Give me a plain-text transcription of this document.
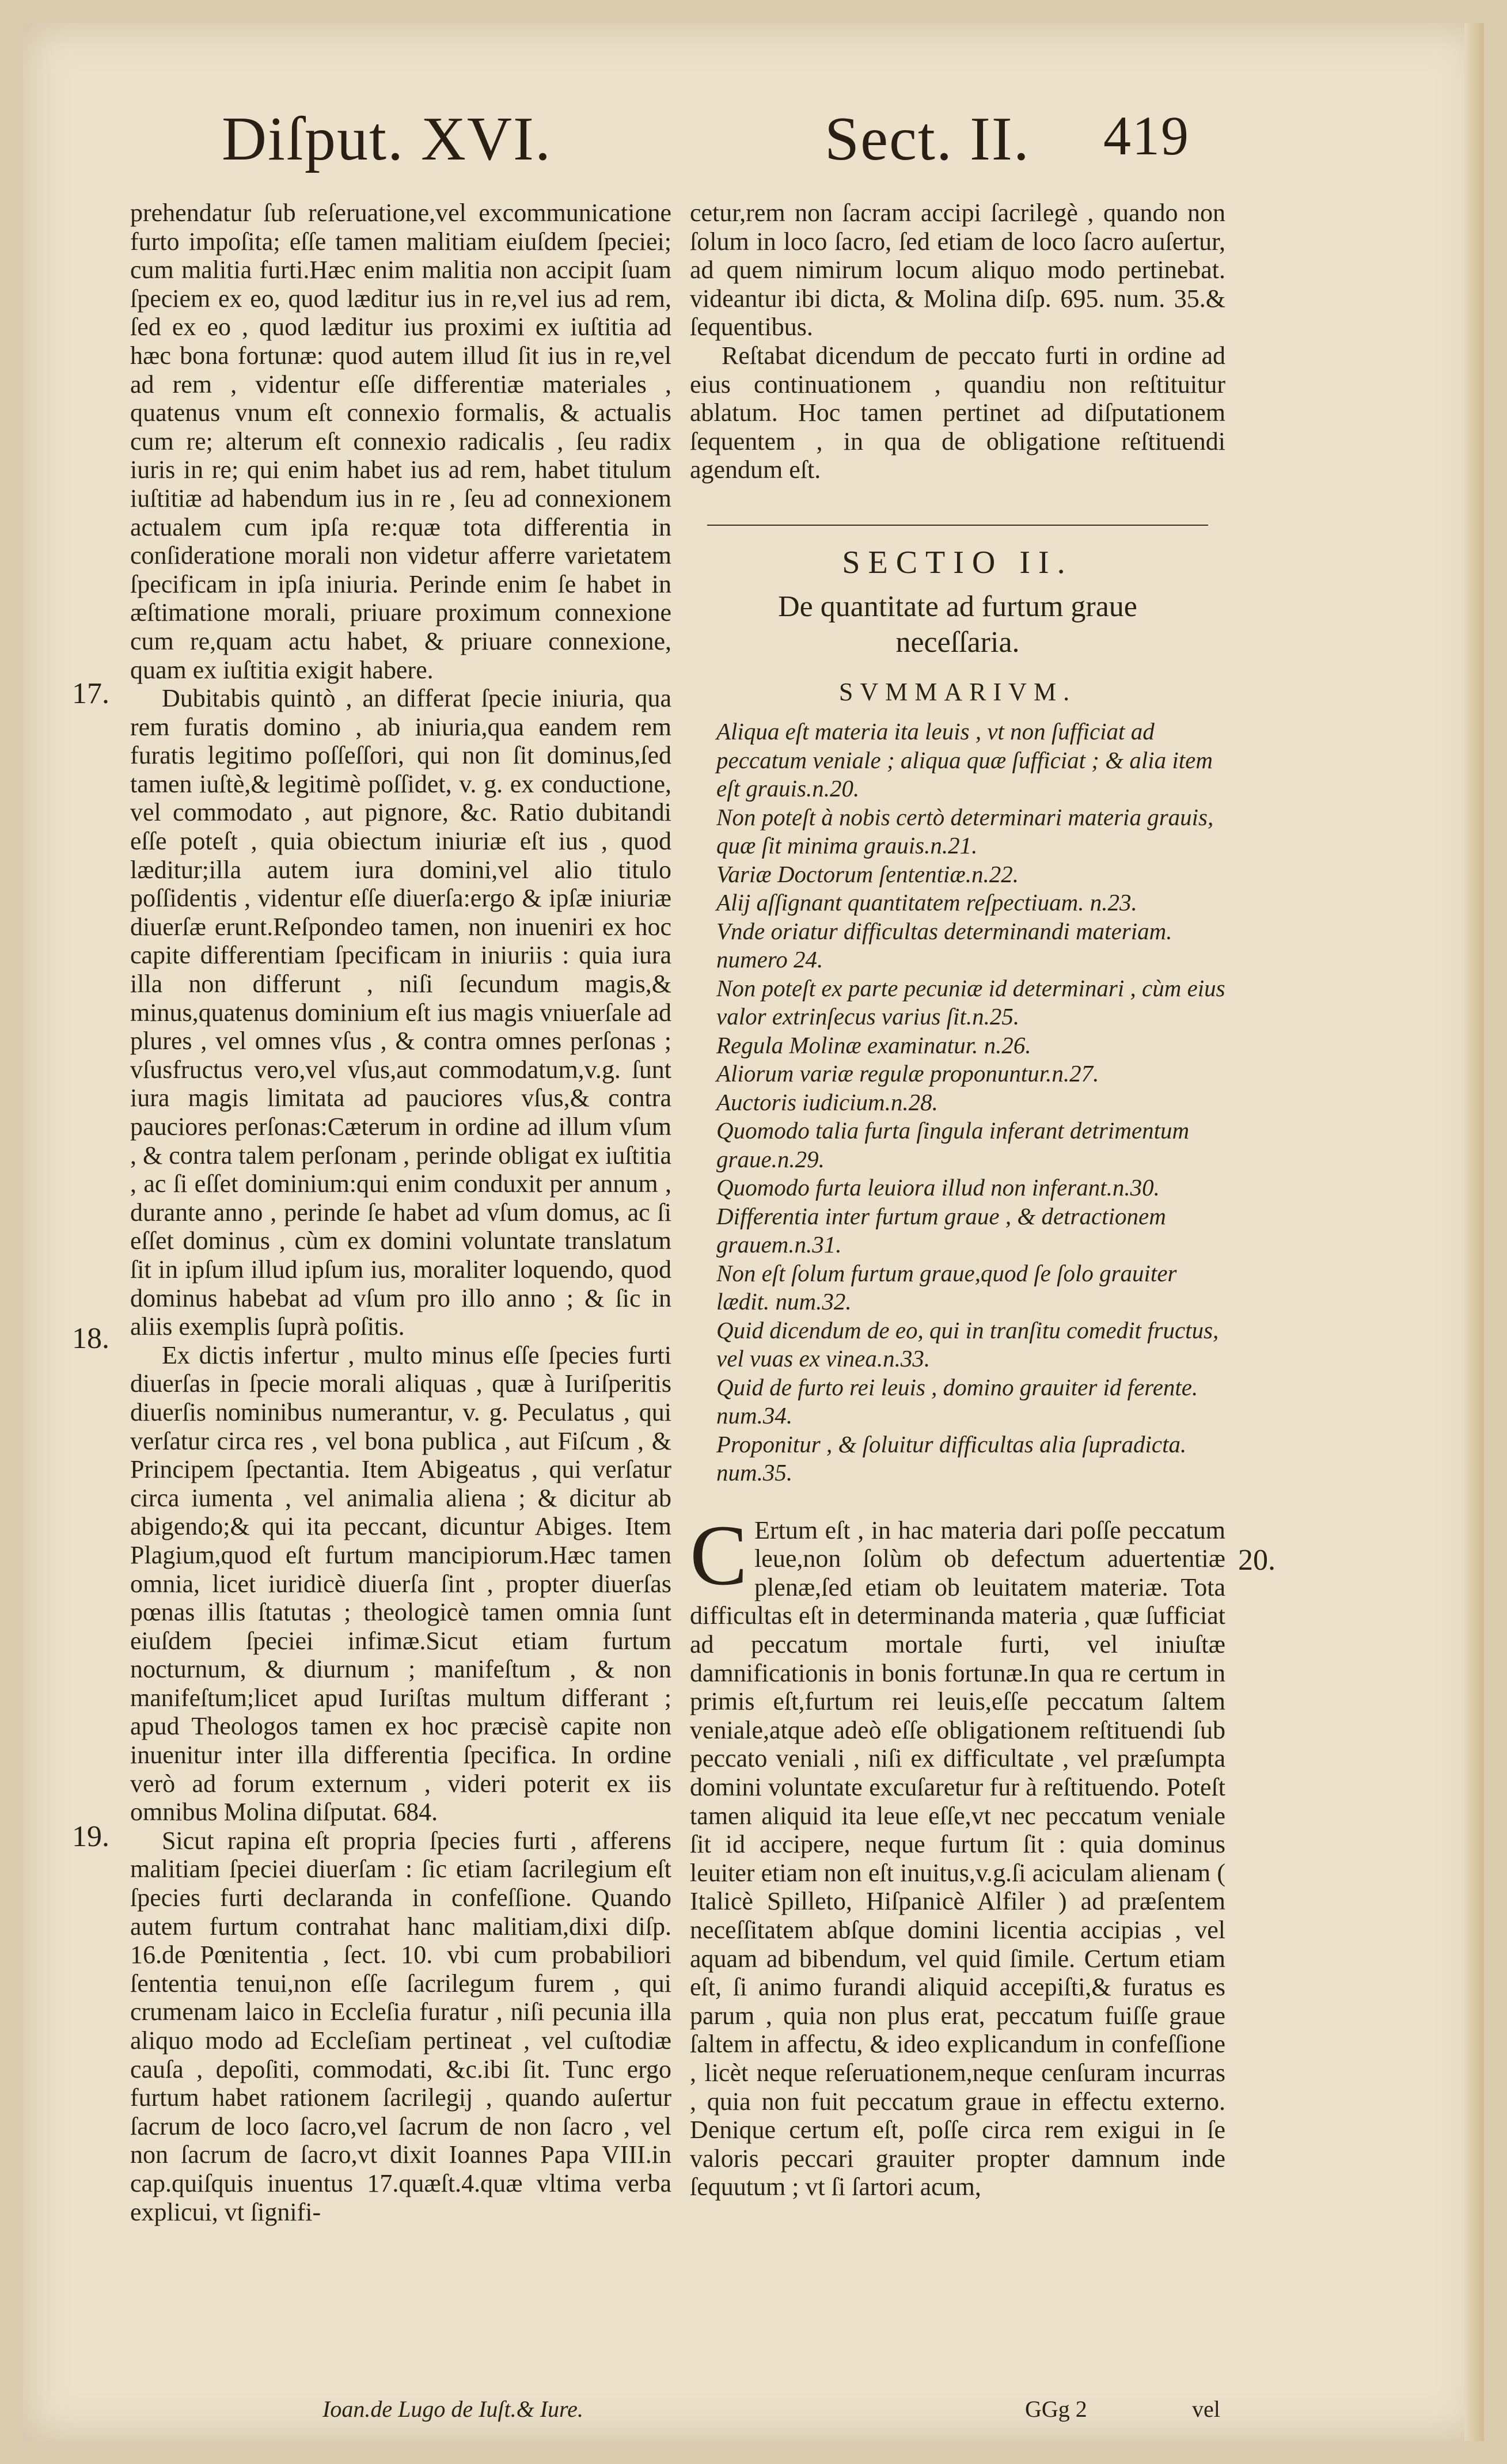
Diſput. XVI.	Sect. II. 419
17.
18.
19.
20.

prehendatur ſub reſeruatione,vel excommunicatione furto impoſita; eſſe tamen malitiam eiuſdem ſpeciei; cum malitia furti.Hæc enim malitia non accipit ſuam ſpeciem ex eo, quod læditur ius in re,vel ius ad rem, ſed ex eo , quod læditur ius proximi ex iuſtitia ad hæc bona fortunæ: quod autem illud ſit ius in re,vel ad rem , videntur eſſe differentiæ materiales , quatenus vnum eſt connexio formalis, & actualis cum re; alterum eſt connexio radicalis , ſeu radix iuris in re; qui enim habet ius ad rem, habet titulum iuſtitiæ ad habendum ius in re , ſeu ad connexionem actualem cum ipſa re:quæ tota differentia in conſideratione morali non videtur afferre varietatem ſpecificam in ipſa iniuria. Perinde enim ſe habet in æſtimatione morali, priuare proximum connexione cum re,quam actu habet, & priuare connexione, quam ex iuſtitia exigit habere.

Dubitabis quintò , an differat ſpecie iniuria, qua rem furatis domino , ab iniuria,qua eandem rem furatis legitimo poſſeſſori, qui non ſit dominus,ſed tamen iuſtè,& legitimè poſſidet, v. g. ex conductione, vel commodato , aut pignore, &c. Ratio dubitandi eſſe poteſt , quia obiectum iniuriæ eſt ius , quod læditur;illa autem iura domini,vel alio titulo poſſidentis , videntur eſſe diuerſa:ergo & ipſæ iniuriæ diuerſæ erunt.Reſpondeo tamen, non inueniri ex hoc capite differentiam ſpecificam in iniuriis : quia iura illa non differunt , niſi ſecundum magis,& minus,quatenus dominium eſt ius magis vniuerſale ad plures , vel omnes vſus , & contra omnes perſonas ; vſusfructus vero,vel vſus,aut commodatum,v.g. ſunt iura magis limitata ad pauciores vſus,& contra pauciores perſonas:Cæterum in ordine ad illum vſum , & contra talem perſonam , perinde obligat ex iuſtitia , ac ſi eſſet dominium:qui enim conduxit per annum , durante anno , perinde ſe habet ad vſum domus, ac ſi eſſet dominus , cùm ex domini voluntate translatum ſit in ipſum illud ipſum ius, moraliter loquendo, quod dominus habebat ad vſum pro illo anno ; & ſic in aliis exemplis ſuprà poſitis.

Ex dictis infertur , multo minus eſſe ſpecies furti diuerſas in ſpecie morali aliquas , quæ à Iuriſperitis diuerſis nominibus numerantur, v. g. Peculatus , qui verſatur circa res , vel bona publica , aut Fiſcum , & Principem ſpectantia. Item Abigeatus , qui verſatur circa iumenta , vel animalia aliena ; & dicitur ab abigendo;& qui ita peccant, dicuntur Abiges. Item Plagium,quod eſt furtum mancipiorum.Hæc tamen omnia, licet iuridicè diuerſa ſint , propter diuerſas pœnas illis ſtatutas ; theologicè tamen omnia ſunt eiuſdem ſpeciei infimæ.Sicut etiam furtum nocturnum, & diurnum ; manifeſtum , & non manifeſtum;licet apud Iuriſtas multum differant ; apud Theologos tamen ex hoc præcisè capite non inuenitur inter illa differentia ſpecifica. In ordine verò ad forum externum , videri poterit ex iis omnibus Molina diſputat. 684.

Sicut rapina eſt propria ſpecies furti , afferens malitiam ſpeciei diuerſam : ſic etiam ſacrilegium eſt ſpecies furti declaranda in confeſſione. Quando autem furtum contrahat hanc malitiam,dixi diſp. 16.de Pœnitentia , ſect. 10. vbi cum probabiliori ſententia tenui,non eſſe ſacrilegum furem , qui crumenam laico in Eccleſia furatur , niſi pecunia illa aliquo modo ad Eccleſiam pertineat , vel cuſtodiæ cauſa , depoſiti, commodati, &c.ibi ſit. Tunc ergo furtum habet rationem ſacrilegij , quando auſertur ſacrum de loco ſacro,vel ſacrum de non ſacro , vel non ſacrum de ſacro,vt dixit Ioannes Papa VIII.in cap.quiſquis inuentus 17.quæſt.4.quæ vltima verba explicui, vt ſignifi-

cetur,rem non ſacram accipi ſacrilegè , quando non ſolum in loco ſacro, ſed etiam de loco ſacro auſertur, ad quem nimirum locum aliquo modo pertinebat. videantur ibi dicta, & Molina diſp. 695. num. 35.& ſequentibus.

Reſtabat dicendum de peccato furti in ordine ad eius continuationem , quandiu non reſtituitur ablatum. Hoc tamen pertinet ad diſputationem ſequentem , in qua de obligatione reſtituendi agendum eſt.

SECTIO II.
De quantitate ad furtum graue neceſſaria.
SVMMARIVM.

Aliqua eſt materia ita leuis , vt non ſufficiat ad peccatum veniale ; aliqua quæ ſufficiat ; & alia item eſt grauis.n.20.

Non poteſt à nobis certò determinari materia grauis, quæ ſit minima grauis.n.21.

Variæ Doctorum ſententiæ.n.22.

Alij aſſignant quantitatem reſpectiuam. n.23.

Vnde oriatur difficultas determinandi materiam. numero 24.

Non poteſt ex parte pecuniæ id determinari , cùm eius valor extrinſecus varius ſit.n.25.

Regula Molinæ examinatur. n.26.

Aliorum variæ regulæ proponuntur.n.27.

Auctoris iudicium.n.28.

Quomodo talia furta ſingula inferant detrimentum graue.n.29.

Quomodo furta leuiora illud non inferant.n.30.

Differentia inter furtum graue , & detractionem grauem.n.31.

Non eſt ſolum furtum graue,quod ſe ſolo grauiter lædit. num.32.

Quid dicendum de eo, qui in tranſitu comedit fructus, vel vuas ex vinea.n.33.

Quid de furto rei leuis , domino grauiter id ferente. num.34.

Proponitur , & ſoluitur difficultas alia ſupradicta. num.35.

C Ertum eſt , in hac materia dari poſſe peccatum leue,non ſolùm ob defectum aduertentiæ plenæ,ſed etiam ob leuitatem materiæ. Tota difficultas eſt in determinanda materia , quæ ſufficiat ad peccatum mortale furti, vel iniuſtæ damnificationis in bonis fortunæ.In qua re certum in primis eſt,furtum rei leuis,eſſe peccatum ſaltem veniale,atque adeò eſſe obligationem reſtituendi ſub peccato veniali , niſi ex difficultate , vel præſumpta domini voluntate excuſaretur fur à reſtituendo. Poteſt tamen aliquid ita leue eſſe,vt nec peccatum veniale ſit id accipere, neque furtum ſit : quia dominus leuiter etiam non eſt inuitus,v.g.ſi aciculam alienam ( Italicè Spilleto, Hiſpanicè Alfiler ) ad præſentem neceſſitatem abſque domini licentia accipias , vel aquam ad bibendum, vel quid ſimile. Certum etiam eſt, ſi animo furandi aliquid accepiſti,& furatus es parum , quia non plus erat, peccatum fuiſſe graue ſaltem in affectu, & ideo explicandum in confeſſione , licèt neque reſeruationem,neque cenſuram incurras , quia non fuit peccatum graue in effectu externo. Denique certum eſt, poſſe circa rem exigui in ſe valoris peccari grauiter propter damnum inde ſequutum ; vt ſi ſartori acum,

Ioan.de Lugo de Iuſt.& Iure.	GGg 2	vel
